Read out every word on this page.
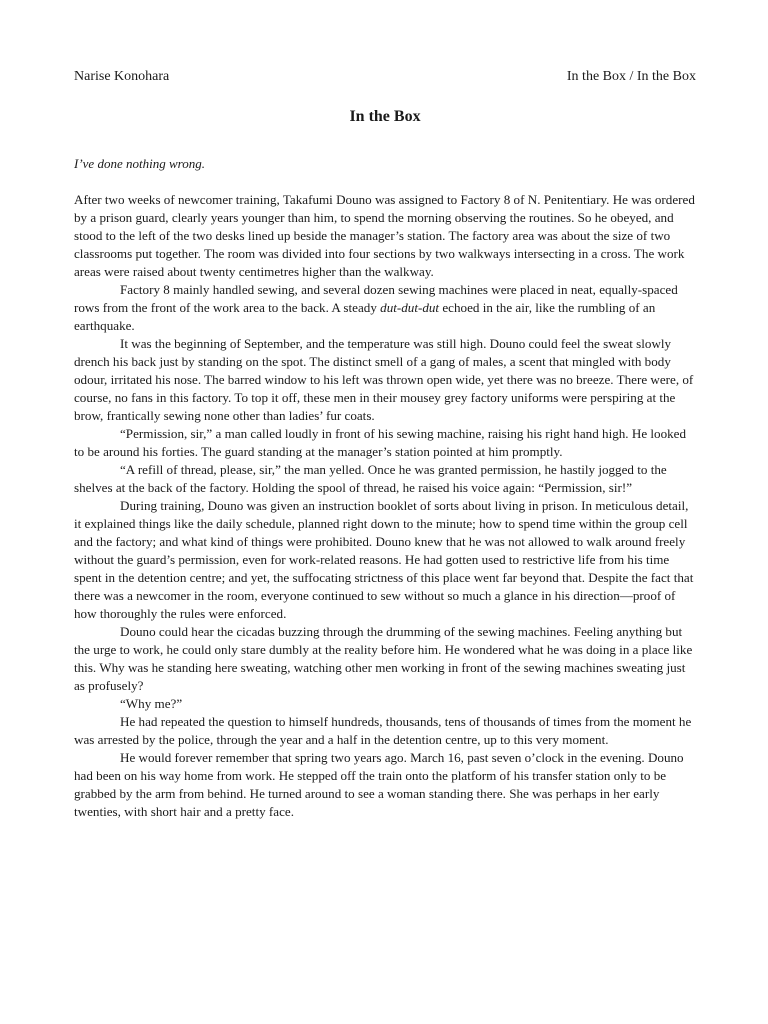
Narise Konohara	In the Box / In the Box
In the Box
I’ve done nothing wrong.

After two weeks of newcomer training, Takafumi Douno was assigned to Factory 8 of N. Penitentiary. He was ordered by a prison guard, clearly years younger than him, to spend the morning observing the routines. So he obeyed, and stood to the left of the two desks lined up beside the manager’s station. The factory area was about the size of two classrooms put together. The room was divided into four sections by two walkways intersecting in a cross. The work areas were raised about twenty centimetres higher than the walkway.

Factory 8 mainly handled sewing, and several dozen sewing machines were placed in neat, equally-spaced rows from the front of the work area to the back. A steady dut-dut-dut echoed in the air, like the rumbling of an earthquake.

It was the beginning of September, and the temperature was still high. Douno could feel the sweat slowly drench his back just by standing on the spot. The distinct smell of a gang of males, a scent that mingled with body odour, irritated his nose. The barred window to his left was thrown open wide, yet there was no breeze. There were, of course, no fans in this factory. To top it off, these men in their mousey grey factory uniforms were perspiring at the brow, frantically sewing none other than ladies’ fur coats.

“Permission, sir,” a man called loudly in front of his sewing machine, raising his right hand high. He looked to be around his forties. The guard standing at the manager’s station pointed at him promptly.

“A refill of thread, please, sir,” the man yelled. Once he was granted permission, he hastily jogged to the shelves at the back of the factory. Holding the spool of thread, he raised his voice again: “Permission, sir!”

During training, Douno was given an instruction booklet of sorts about living in prison. In meticulous detail, it explained things like the daily schedule, planned right down to the minute; how to spend time within the group cell and the factory; and what kind of things were prohibited. Douno knew that he was not allowed to walk around freely without the guard’s permission, even for work-related reasons. He had gotten used to restrictive life from his time spent in the detention centre; and yet, the suffocating strictness of this place went far beyond that. Despite the fact that there was a newcomer in the room, everyone continued to sew without so much a glance in his direction—proof of how thoroughly the rules were enforced.

Douno could hear the cicadas buzzing through the drumming of the sewing machines. Feeling anything but the urge to work, he could only stare dumbly at the reality before him. He wondered what he was doing in a place like this. Why was he standing here sweating, watching other men working in front of the sewing machines sweating just as profusely?

“Why me?”

He had repeated the question to himself hundreds, thousands, tens of thousands of times from the moment he was arrested by the police, through the year and a half in the detention centre, up to this very moment.

He would forever remember that spring two years ago. March 16, past seven o’clock in the evening. Douno had been on his way home from work. He stepped off the train onto the platform of his transfer station only to be grabbed by the arm from behind. He turned around to see a woman standing there. She was perhaps in her early twenties, with short hair and a pretty face.
